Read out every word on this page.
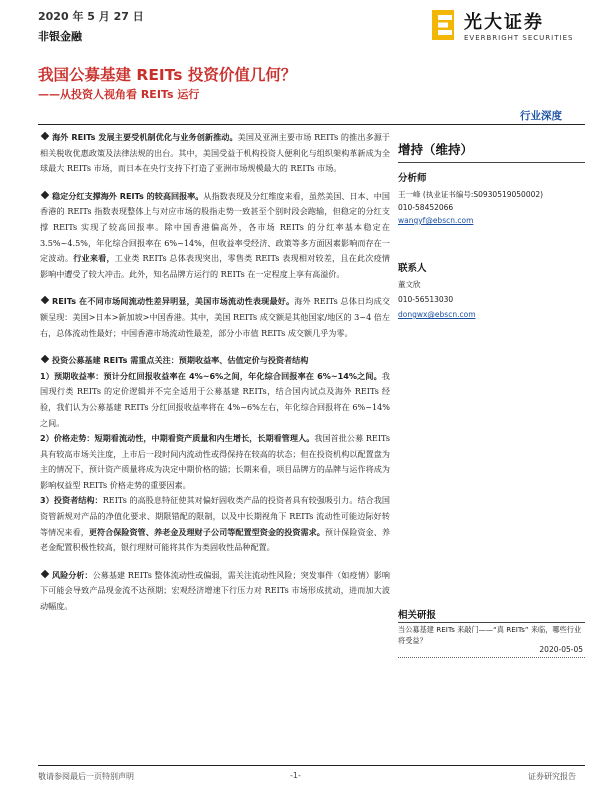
2020 年 5 月 27 日
非银金融
光大证券
EVERBRIGHT SECURITIES
我国公募基建 REITs 投资价值几何？
——从投资人视角看 REITs 运行
行业深度

海外 REITs 发展主要受机制优化与业务创新推动。美国及亚洲主要市场 REITs 的推出多源于相关税收优惠政策及法律法规的出台。其中，美国受益于机构投资人便利化与组织架构革新成为全球最大 REITs 市场，而日本在央行支持下打造了亚洲市场规模最大的 REITs 市场。

稳定分红支撑海外 REITs 的较高回报率。从指数表现及分红维度来看，虽然美国、日本、中国香港的 REITs 指数表现整体上与对应市场的股指走势一致甚至个别时段会跑输，但稳定的分红支撑 REITs 实现了较高回报率。除中国香港偏高外，各市场 REITs 的分红率基本稳定在 3.5%~4.5%，年化综合回报率在 6%~14%，但收益率受经济、政策等多方面因素影响而存在一定波动。行业来看，工业类 REITs 总体表现突出，零售类 REITs 表现相对较差，且在此次疫情影响中遭受了较大冲击。此外，知名品牌方运行的 REITs 在一定程度上享有高溢价。

REITs 在不同市场间流动性差异明显，美国市场流动性表现最好。海外 REITs 总体日均成交额呈现：美国>日本>新加坡>中国香港。其中，美国 REITs 成交额是其他国家/地区的 3~4 倍左右，总体流动性最好；中国香港市场流动性最差，部分小市值 REITs 成交额几乎为零。

投资公募基建 REITs 需重点关注：预期收益率、估值定价与投资者结构

1）预期收益率：预计分红回报收益率在 4%~6%之间，年化综合回报率在 6%~14%之间。我国现行类 REITs 的定价逻辑并不完全适用于公募基建 REITs，结合国内试点及海外 REITs 经验，我们认为公募基建 REITs 分红回报收益率将在 4%~6%左右，年化综合回报将在 6%~14%之间。

2）价格走势：短期看流动性，中期看资产质量和内生增长，长期看管理人。我国首批公募 REITs 具有较高市场关注度，上市后一段时间内流动性或得保持在较高的状态；但在投资机构以配置盘为主的情况下，预计资产质量将成为决定中期价格的锚；长期来看，项目品牌方的品牌与运作将成为影响权益型 REITs 价格走势的重要因素。

3）投资者结构：REITs 的高股息特征使其对偏好固收类产品的投资者具有较强吸引力。结合我国资管新规对产品的净值化要求、期限错配的限制，以及中长期视角下 REITs 流动性可能边际好转等情况来看，更符合保险资管、养老金及理财子公司等配置型资金的投资需求。预计保险资金、养老金配置积极性较高，银行理财可能将其作为类固收性品种配置。

风险分析：公募基建 REITs 整体流动性或偏弱，需关注流动性风险；突发事件（如疫情）影响下可能会导致产品现金流不达预期；宏观经济增速下行压力对 REITs 市场形成扰动，进而加大波动幅度。

增持（维持）
分析师
王一峰 (执业证书编号:S0930519050002)
010-58452066
wangyf@ebscn.com
联系人
董文欣
010-56513030
dongwx@ebscn.com
相关研报
当公募基建 REITs 来敲门——“真 REITs” 来临，哪些行业将受益？
2020-05-05
敬请参阅最后一页特别声明	-1-	证券研究报告
